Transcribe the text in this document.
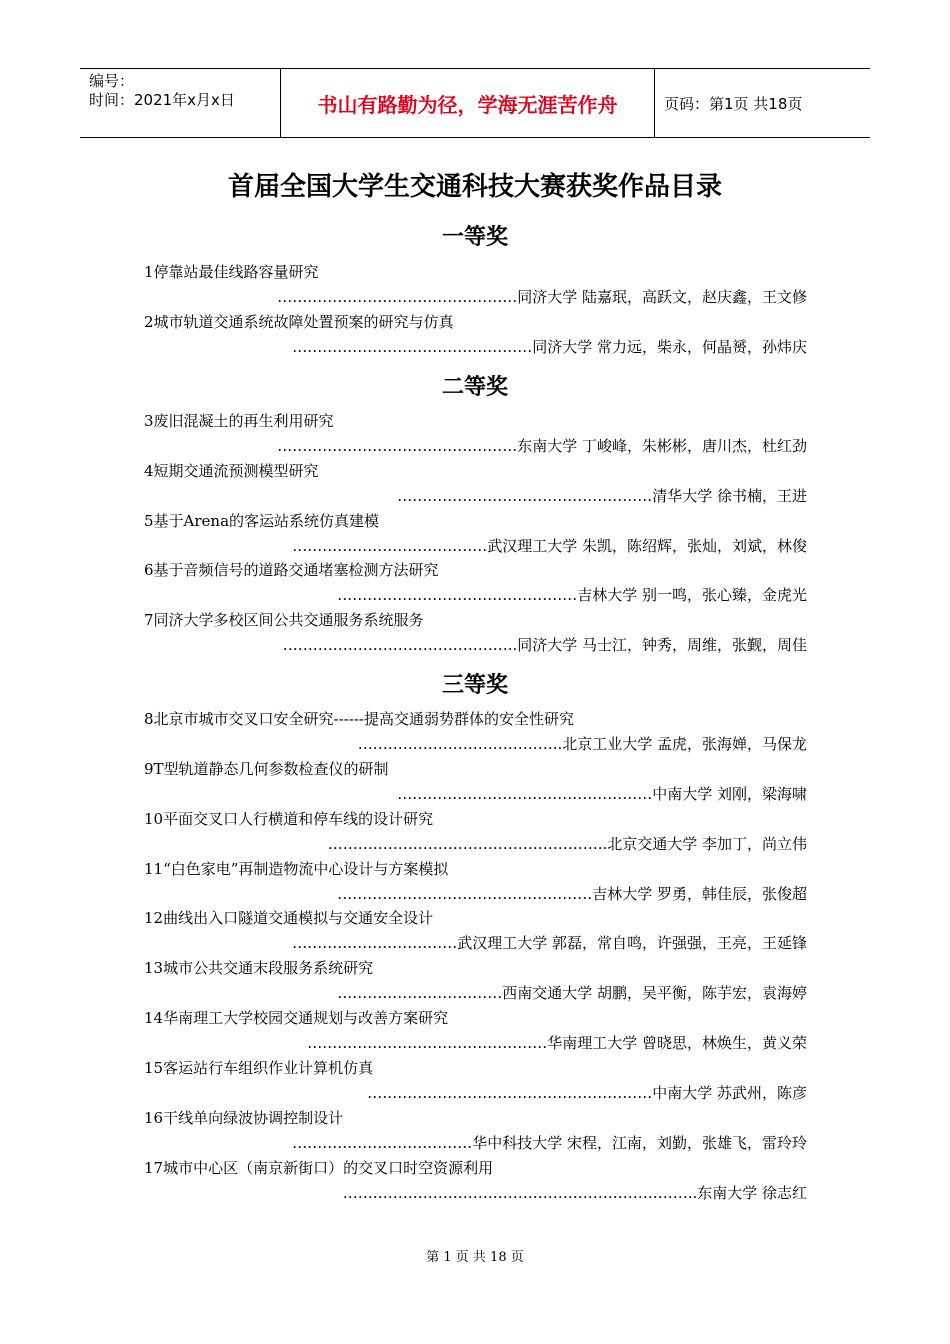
编号：
时间：2021年x月x日	书山有路勤为径，学海无涯苦作舟	页码：第1页 共18页
首届全国大学生交通科技大赛获奖作品目录
一等奖
1停靠站最佳线路容量研究
…………………………………………同济大学 陆嘉珉，高跃文，赵庆鑫，王文修
2城市轨道交通系统故障处置预案的研究与仿真
…………………………………………同济大学 常力远，柴永，何晶赟，孙炜庆
二等奖
3废旧混凝土的再生利用研究
…………………………………………东南大学 丁峻峰，朱彬彬，唐川杰，杜红劲
4短期交通流预测模型研究
……………………………………………清华大学 徐书楠，王进
5基于Arena的客运站系统仿真建模
…………………………………武汉理工大学 朱凯，陈绍辉，张灿，刘斌，林俊
6基于音频信号的道路交通堵塞检测方法研究
…………………………………………吉林大学 别一鸣，张心臻，金虎光
7同济大学多校区间公共交通服务系统服务
………………………………………..同济大学 马士江，钟秀，周维，张觐，周佳
三等奖
8北京市城市交叉口安全研究------提高交通弱势群体的安全性研究
…………………………………..北京工业大学 孟虎，张海婵，马保龙
9T型轨道静态几何参数检查仪的研制
……………………………………………中南大学 刘刚，梁海啸
10平面交叉口人行横道和停车线的设计研究
………………………………………………..北京交通大学 李加丁，尚立伟
11“白色家电”再制造物流中心设计与方案模拟
……………………………………………吉林大学 罗勇，韩佳辰，张俊超
12曲线出入口隧道交通模拟与交通安全设计
……………………………武汉理工大学 郭磊，常自鸣，许强强，王亮，王延锋
13城市公共交通末段服务系统研究
……………………………西南交通大学 胡鹏，吴平衡，陈芋宏，袁海婷
14华南理工大学校园交通规划与改善方案研究
…………………………………………华南理工大学 曾晓思，林焕生，黄义荣
15客运站行车组织作业计算机仿真
…………………………………………………中南大学 苏武州，陈彦
16干线单向绿波协调控制设计
………………………………华中科技大学 宋程，江南，刘勤，张雄飞，雷玲玲
17城市中心区（南京新街口）的交叉口时空资源利用
……………………………………………………………..东南大学 徐志红
第 1 页 共 18 页
